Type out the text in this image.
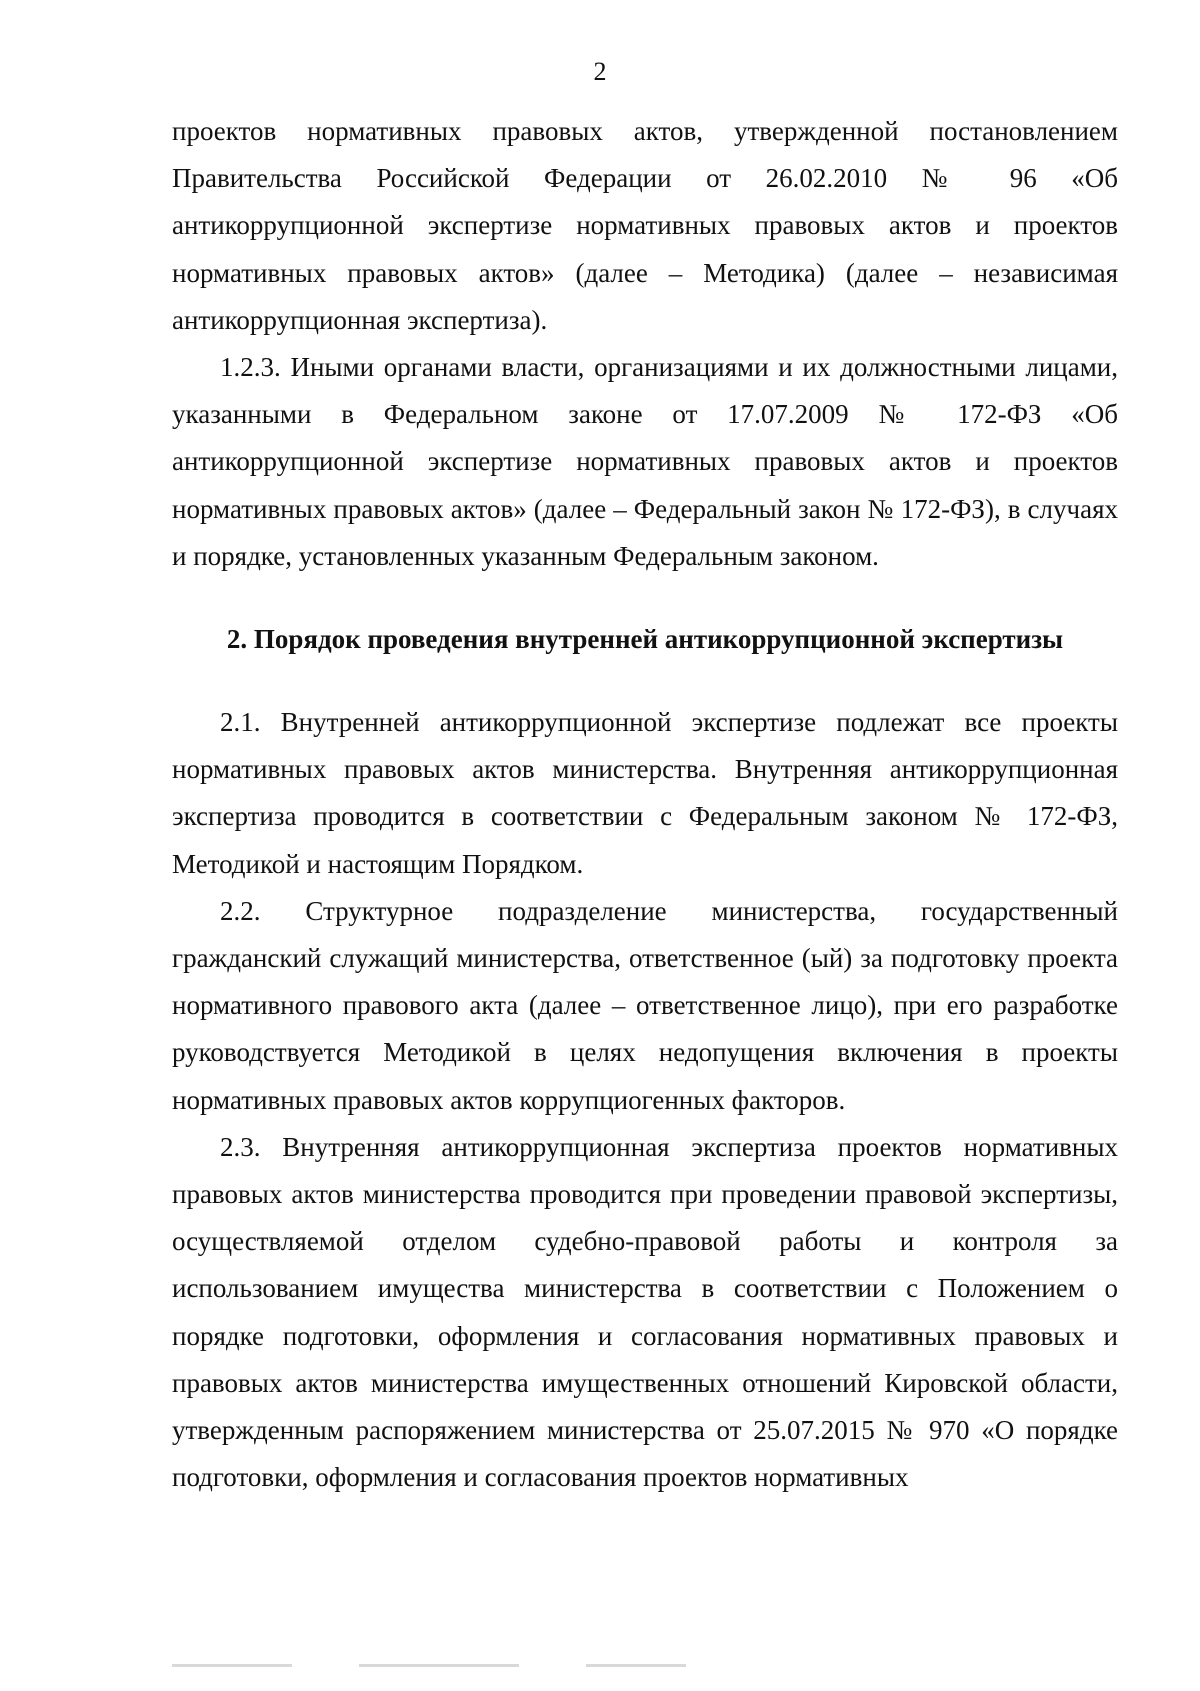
2

проектов нормативных правовых актов, утвержденной постановлением Правительства Российской Федерации от 26.02.2010 № 96 «Об антикоррупционной экспертизе нормативных правовых актов и проектов нормативных правовых актов» (далее – Методика) (далее – независимая антикоррупционная экспертиза).

1.2.3. Иными органами власти, организациями и их должностными лицами, указанными в Федеральном законе от 17.07.2009 № 172-ФЗ «Об антикоррупционной экспертизе нормативных правовых актов и проектов нормативных правовых актов» (далее – Федеральный закон № 172-ФЗ), в случаях и порядке, установленных указанным Федеральным законом.

2. Порядок проведения внутренней антикоррупционной экспертизы

2.1. Внутренней антикоррупционной экспертизе подлежат все проекты нормативных правовых актов министерства. Внутренняя антикоррупционная экспертиза проводится в соответствии с Федеральным законом № 172-ФЗ, Методикой и настоящим Порядком.

2.2. Структурное подразделение министерства, государственный гражданский служащий министерства, ответственное (ый) за подготовку проекта нормативного правового акта (далее – ответственное лицо), при его разработке руководствуется Методикой в целях недопущения включения в проекты нормативных правовых актов коррупциогенных факторов.

2.3. Внутренняя антикоррупционная экспертиза проектов нормативных правовых актов министерства проводится при проведении правовой экспертизы, осуществляемой отделом судебно-правовой работы и контроля за использованием имущества министерства в соответствии с Положением о порядке подготовки, оформления и согласования нормативных правовых и правовых актов министерства имущественных отношений Кировской области, утвержденным распоряжением министерства от 25.07.2015 № 970 «О порядке подготовки, оформления и согласования проектов нормативных
